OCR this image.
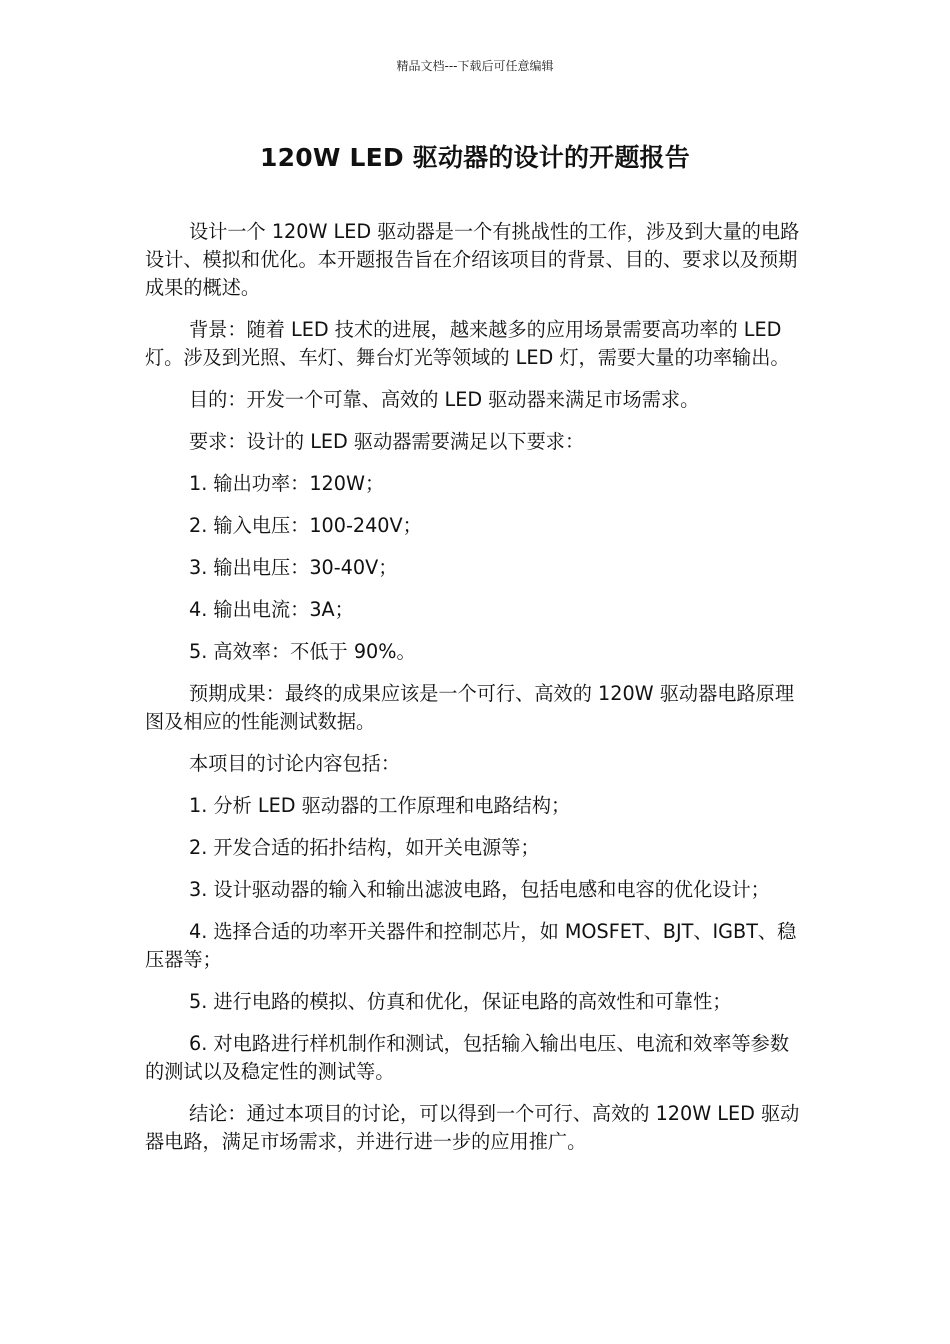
精品文档---下载后可任意编辑
120W LED 驱动器的设计的开题报告

设计一个 120W LED 驱动器是一个有挑战性的工作，涉及到大量的电路设计、模拟和优化。本开题报告旨在介绍该项目的背景、目的、要求以及预期成果的概述。

背景：随着 LED 技术的进展，越来越多的应用场景需要高功率的 LED 灯。涉及到光照、车灯、舞台灯光等领域的 LED 灯，需要大量的功率输出。

目的：开发一个可靠、高效的 LED 驱动器来满足市场需求。

要求：设计的 LED 驱动器需要满足以下要求：

1. 输出功率：120W；

2. 输入电压：100-240V；

3. 输出电压：30-40V；

4. 输出电流：3A；

5. 高效率：不低于 90%。

预期成果：最终的成果应该是一个可行、高效的 120W 驱动器电路原理图及相应的性能测试数据。

本项目的讨论内容包括：

1. 分析 LED 驱动器的工作原理和电路结构；

2. 开发合适的拓扑结构，如开关电源等；

3. 设计驱动器的输入和输出滤波电路，包括电感和电容的优化设计；

4. 选择合适的功率开关器件和控制芯片，如 MOSFET、BJT、IGBT、稳压器等；

5. 进行电路的模拟、仿真和优化，保证电路的高效性和可靠性；

6. 对电路进行样机制作和测试，包括输入输出电压、电流和效率等参数的测试以及稳定性的测试等。

结论：通过本项目的讨论，可以得到一个可行、高效的 120W LED 驱动器电路，满足市场需求，并进行进一步的应用推广。
